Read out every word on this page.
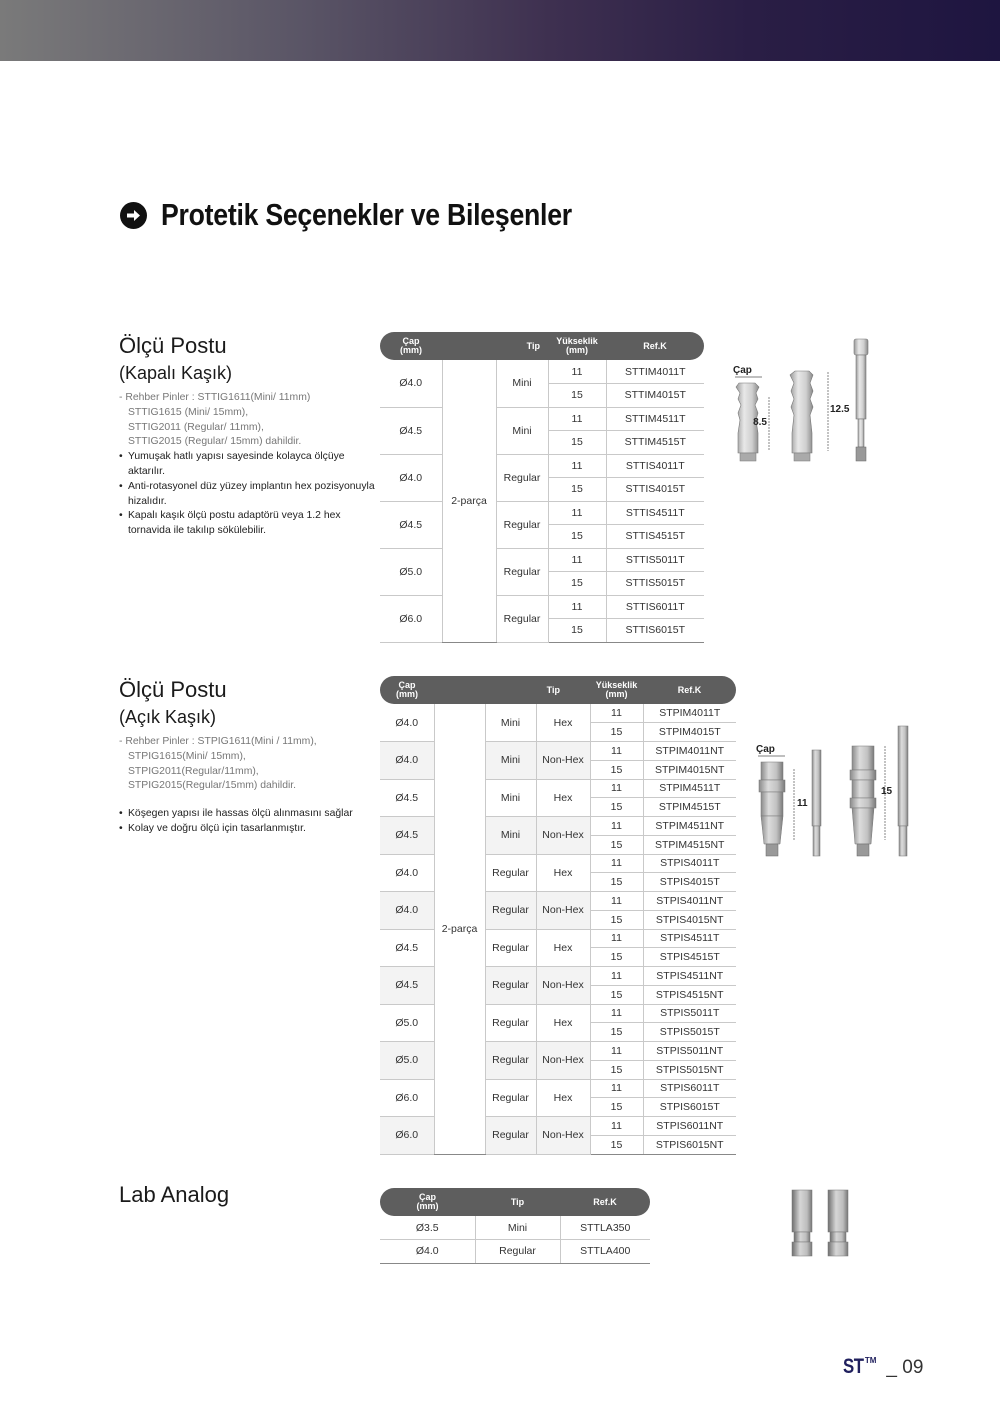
Protetik Seçenekler ve Bileşenler
Ölçü Postu
(Kapalı Kaşık)
- Rehber Pinler : STTIG1611(Mini/ 11mm)
STTIG1615 (Mini/ 15mm),
STTIG2011 (Regular/ 11mm),
STTIG2015 (Regular/ 15mm) dahildir.
• Yumuşak hatlı yapısı sayesinde kolayca ölçüye aktarılır.
• Anti-rotasyonel düz yüzey implantın hex pozisyonuyla hizalıdır.
• Kapalı kaşık ölçü postu adaptörü veya 1.2 hex tornavida ile takılıp sökülebilir.
Çap
(mm)	Tip		Yükseklik
(mm)	Ref.K
Ø4.0	2-parça	Mini	11	STTIM4011T
			15	STTIM4015T
Ø4.5		Mini	11	STTIM4511T
			15	STTIM4515T
Ø4.0		Regular	11	STTIS4011T
			15	STTIS4015T
Ø4.5		Regular	11	STTIS4511T
			15	STTIS4515T
Ø5.0		Regular	11	STTIS5011T
			15	STTIS5015T
Ø6.0		Regular	11	STTIS6011T
			15	STTIS6015T
Çap
8.5
12.5
Ölçü Postu
(Açık Kaşık)
- Rehber Pinler : STPIG1611(Mini / 11mm),
STPIG1615(Mini/ 15mm),
STPIG2011(Regular/11mm),
STPIG2015(Regular/15mm) dahildir.
• Köşegen yapısı ile hassas ölçü alınmasını sağlar
• Kolay ve doğru ölçü için tasarlanmıştır.
Çap
(mm)	Tip			Yükseklik
(mm)	Ref.K
Ø4.0	2-parça	Mini	Hex	11	STPIM4011T
				15	STPIM4015T
Ø4.0		Mini	Non-Hex	11	STPIM4011NT
				15	STPIM4015NT
Ø4.5		Mini	Hex	11	STPIM4511T
				15	STPIM4515T
Ø4.5		Mini	Non-Hex	11	STPIM4511NT
				15	STPIM4515NT
Ø4.0		Regular	Hex	11	STPIS4011T
				15	STPIS4015T
Ø4.0		Regular	Non-Hex	11	STPIS4011NT
				15	STPIS4015NT
Ø4.5		Regular	Hex	11	STPIS4511T
				15	STPIS4515T
Ø4.5		Regular	Non-Hex	11	STPIS4511NT
				15	STPIS4515NT
Ø5.0		Regular	Hex	11	STPIS5011T
				15	STPIS5015T
Ø5.0		Regular	Non-Hex	11	STPIS5011NT
				15	STPIS5015NT
Ø6.0		Regular	Hex	11	STPIS6011T
				15	STPIS6015T
Ø6.0		Regular	Non-Hex	11	STPIS6011NT
				15	STPIS6015NT
Çap
11
15
Lab Analog	Çap
(mm)	Tip	Ref.K
Ø3.5	Mini	STTLA350
Ø4.0	Regular	STTLA400
ST TM _ 09
